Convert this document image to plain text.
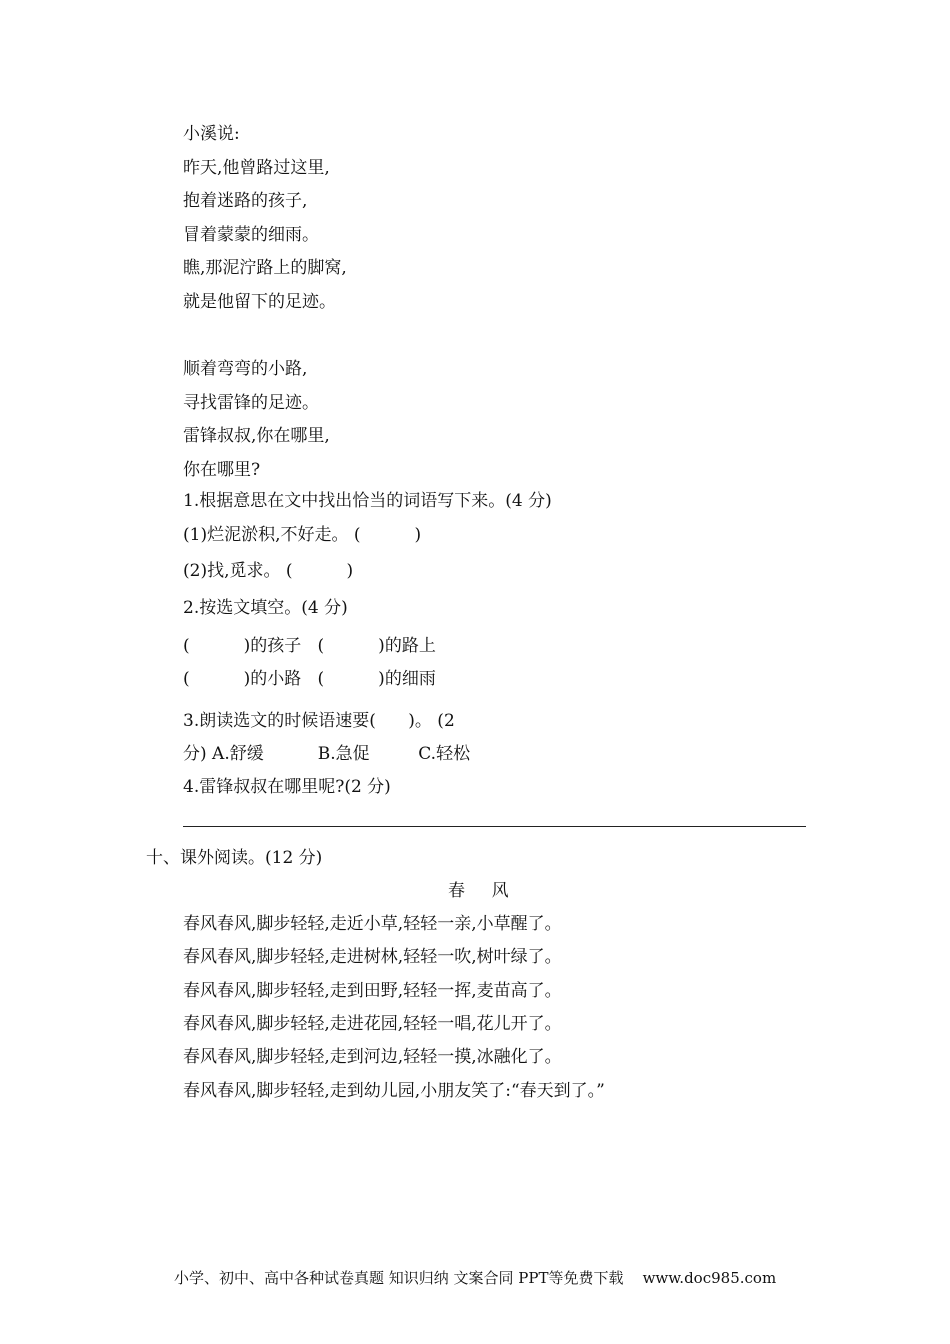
小溪说:
昨天,他曾路过这里,
抱着迷路的孩子,
冒着蒙蒙的细雨。
瞧,那泥泞路上的脚窝,
就是他留下的足迹。
顺着弯弯的小路,
寻找雷锋的足迹。
雷锋叔叔,你在哪里,
你在哪里?
1.根据意思在文中找出恰当的词语写下来。(4 分)
(1)烂泥淤积,不好走。 (          )
(2)找,觅求。 (          )
2.按选文填空。(4 分)
(          )的孩子   (          )的路上
(          )的小路   (          )的细雨
3.朗读选文的时候语速要(      )。 (2
分) A.舒缓          B.急促         C.轻松
4.雷锋叔叔在哪里呢?(2 分)
十、课外阅读。(12 分)
春    风
春风春风,脚步轻轻,走近小草,轻轻一亲,小草醒了。
春风春风,脚步轻轻,走进树林,轻轻一吹,树叶绿了。
春风春风,脚步轻轻,走到田野,轻轻一挥,麦苗高了。
春风春风,脚步轻轻,走进花园,轻轻一唱,花儿开了。
春风春风,脚步轻轻,走到河边,轻轻一摸,冰融化了。
春风春风,脚步轻轻,走到幼儿园,小朋友笑了:“春天到了。”
小学、初中、高中各种试卷真题 知识归纳 文案合同 PPT等免费下载    www.doc985.com
